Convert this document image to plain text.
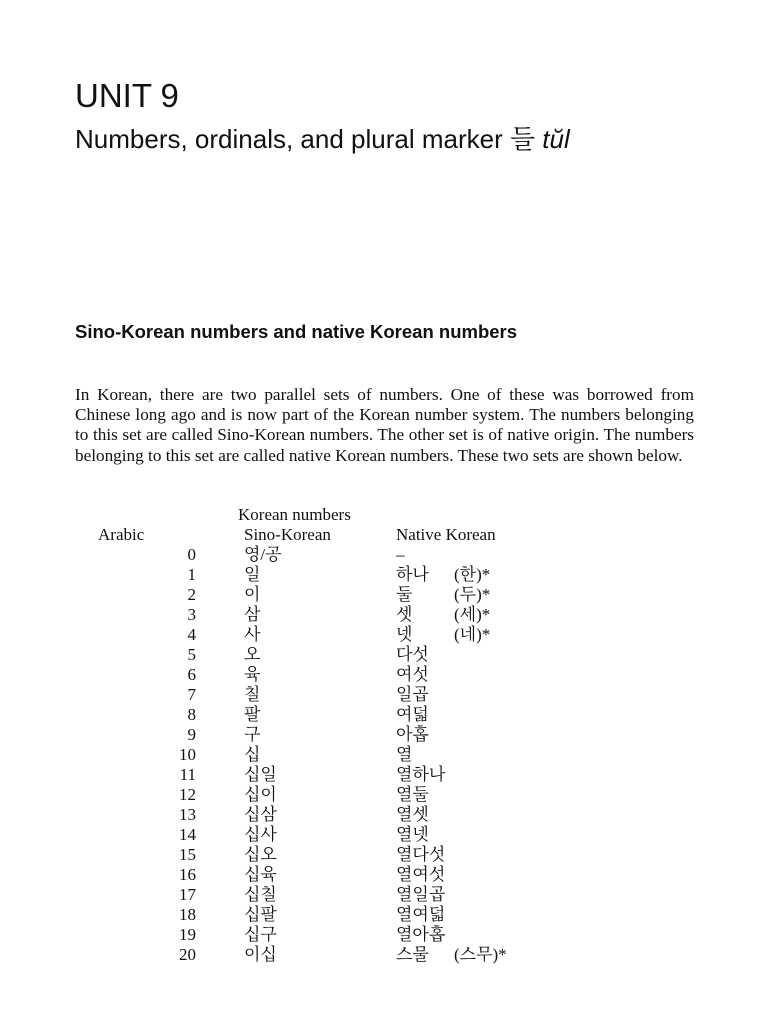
UNIT 9
Numbers, ordinals, and plural marker 들 tŭl
Sino-Korean numbers and native Korean numbers

In Korean, there are two parallel sets of numbers. One of these was borrowed from Chinese long ago and is now part of the Korean number system. The numbers belonging to this set are called Sino-Korean numbers. The other set is of native origin. The numbers belonging to this set are called native Korean numbers. These two sets are shown below.

Korean numbers
Arabic	Sino-Korean	Native Korean
0	영/공	–
1	일	하나 (한)*
2	이	둘 (두)*
3	삼	셋 (세)*
4	사	넷 (네)*
5	오	다섯
6	육	여섯
7	칠	일곱
8	팔	여덟
9	구	아홉
10	십	열
11	십일	열하나
12	십이	열둘
13	십삼	열셋
14	십사	열넷
15	십오	열다섯
16	십육	열여섯
17	십칠	열일곱
18	십팔	열여덟
19	십구	열아홉
20	이십	스물 (스무)*
